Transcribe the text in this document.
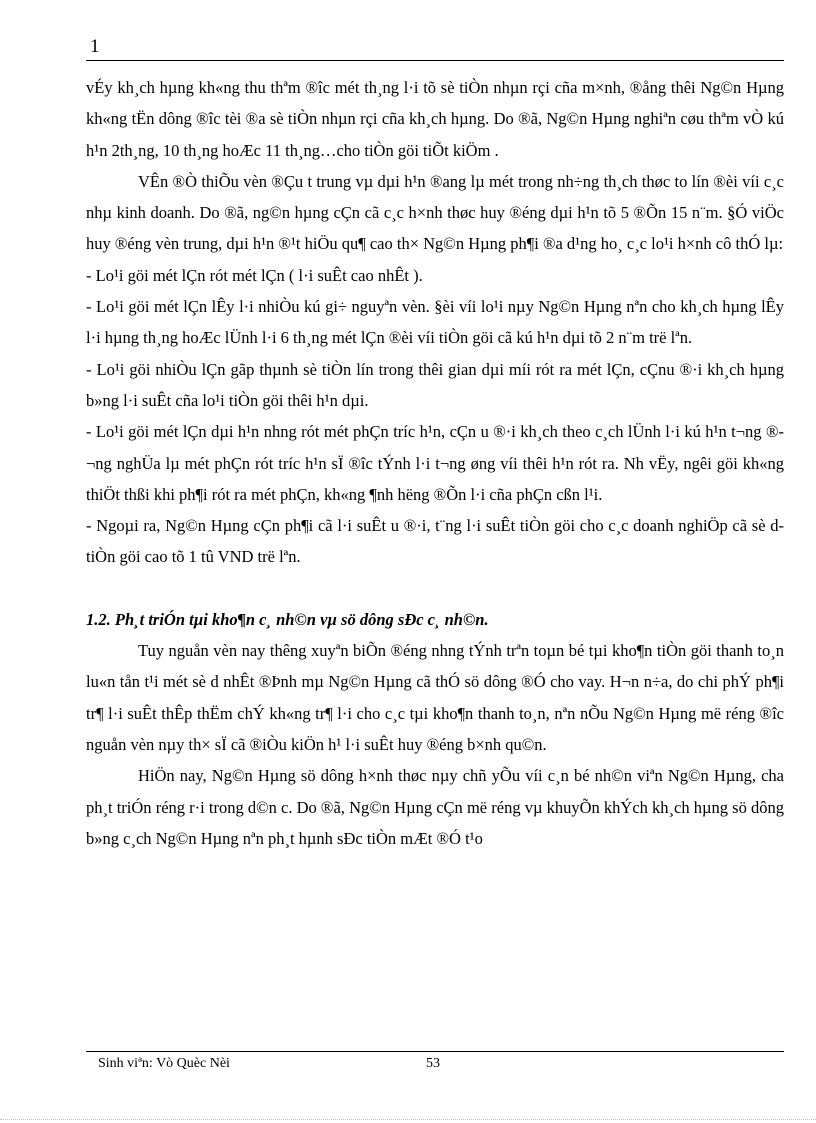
1

vÉy kh¸ch hµng kh«ng thu thªm ®îc mét th¸ng l·i tõ sè tiÒn nhµn rçi cña m×nh, ®ång thêi Ng©n Hµng kh«ng tËn dông ®îc tèi ®a sè tiÒn nhµn rçi cña kh¸ch hµng. Do ®ã, Ng©n Hµng nghiªn cøu thªm vÒ kú h¹n 2th¸ng, 10 th¸ng hoÆc 11 th¸ng…cho tiÒn göi tiÕt kiÖm .

VÊn ®Ò thiÕu vèn ®Çu t trung vµ dµi h¹n ®ang lµ mét trong nh÷ng th¸ch thøc to lín ®èi víi c¸c nhµ kinh doanh. Do ®ã, ng©n hµng cÇn cã c¸c h×nh thøc huy ®éng dµi h¹n tõ 5 ®Õn 15 n¨m. §Ó viÖc huy ®éng vèn trung, dµi h¹n ®¹t hiÖu qu¶ cao th× Ng©n Hµng ph¶i ®a d¹ng ho¸ c¸c lo¹i h×nh cô thÓ lµ:

- Lo¹i göi mét lÇn rót mét lÇn ( l·i suÊt cao nhÊt ).

- Lo¹i göi mét lÇn lÊy l·i nhiÒu kú gi÷ nguyªn vèn. §èi víi lo¹i nµy Ng©n Hµng nªn cho kh¸ch hµng lÊy l·i hµng th¸ng hoÆc lÜnh l·i 6 th¸ng mét lÇn ®èi víi tiÒn göi cã kú h¹n dµi tõ 2 n¨m trë lªn.

- Lo¹i göi nhiÒu lÇn gãp thµnh sè tiÒn lín trong thêi gian dµi míi rót ra mét lÇn, cÇnu ®·i kh¸ch hµng b»ng l·i suÊt cña lo¹i tiÒn göi thêi h¹n dµi.

- Lo¹i göi mét lÇn dµi h¹n nhng rót mét phÇn tríc h¹n, cÇn u ®·i kh¸ch theo c¸ch lÜnh l·i kú h¹n t¬ng ®¬ng nghÜa lµ mét phÇn rót tríc h¹n sÏ ®îc tÝnh l·i t¬ng øng víi thêi h¹n rót ra. Nh vËy, ngêi göi kh«ng thiÖt thßi khi ph¶i rót ra mét phÇn, kh«ng ¶nh hëng ®Õn l·i cña phÇn cßn l¹i.

- Ngoµi ra, Ng©n Hµng cÇn ph¶i cã l·i suÊt u ®·i, t¨ng l·i suÊt tiÒn göi cho c¸c doanh nghiÖp cã sè d tiÒn göi cao tõ 1 tû VND trë lªn.

1.2. Ph¸t triÓn tµi kho¶n c¸ nh©n vµ sö dông sÐc c¸ nh©n.

Tuy nguån vèn nay thêng xuyªn biÕn ®éng nhng tÝnh trªn toµn bé tµi kho¶n tiÒn göi thanh to¸n lu«n tån t¹i mét sè d nhÊt ®Þnh mµ Ng©n Hµng cã thÓ sö dông ®Ó cho vay. H¬n n÷a, do chi phÝ ph¶i tr¶ l·i suÊt thÊp thËm chÝ kh«ng tr¶ l·i cho c¸c tµi kho¶n thanh to¸n, nªn nÕu Ng©n Hµng më réng ®îc nguån vèn nµy th× sÏ cã ®iÒu kiÖn h¹ l·i suÊt huy ®éng b×nh qu©n.

HiÖn nay, Ng©n Hµng sö dông h×nh thøc nµy chñ yÕu víi c¸n bé nh©n viªn Ng©n Hµng, cha ph¸t triÓn réng r·i trong d©n c. Do ®ã, Ng©n Hµng cÇn më réng vµ khuyÕn khÝch kh¸ch hµng sö dông b»ng c¸ch Ng©n Hµng nªn ph¸t hµnh sÐc tiÒn mÆt ®Ó t¹o

Sinh viªn: Vò Quèc Nèi	53
